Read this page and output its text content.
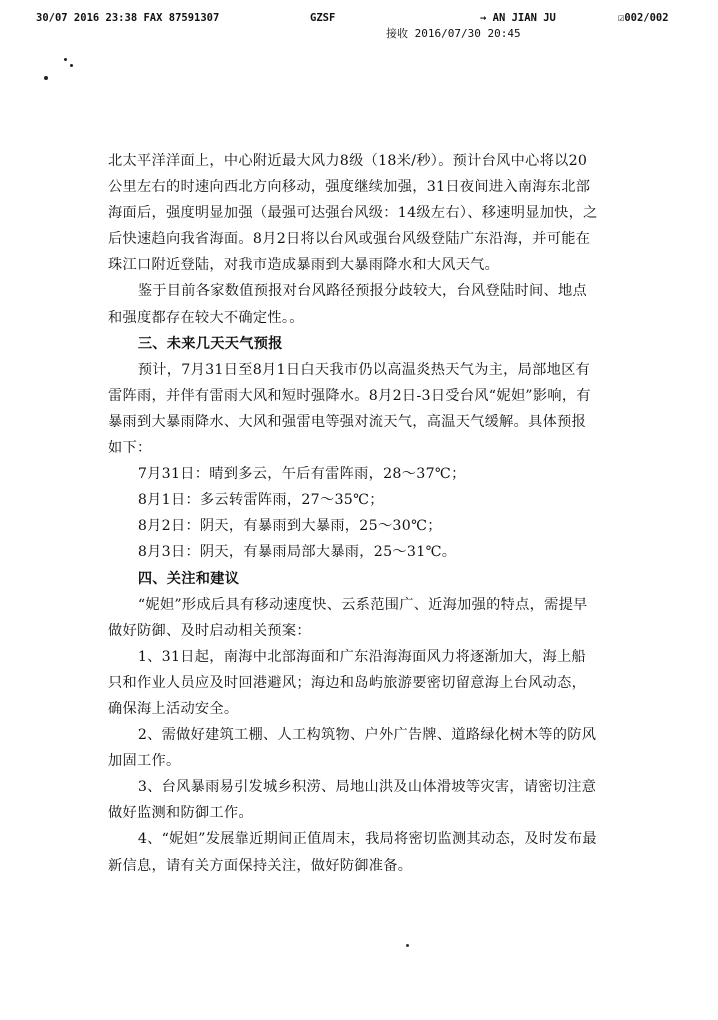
30/07 2016 23:38 FAX 87591307	GZSF	→ AN JIAN JU	☑002/002
接收 2016/07/30 20:45

北太平洋洋面上，中心附近最大风力8级（18米/秒）。预计台风中心将以20公里左右的时速向西北方向移动，强度继续加强，31日夜间进入南海东北部海面后，强度明显加强（最强可达强台风级：14级左右）、移速明显加快，之后快速趋向我省海面。8月2日将以台风或强台风级登陆广东沿海，并可能在珠江口附近登陆，对我市造成暴雨到大暴雨降水和大风天气。

鉴于目前各家数值预报对台风路径预报分歧较大，台风登陆时间、地点和强度都存在较大不确定性。。

三、未来几天天气预报

预计，7月31日至8月1日白天我市仍以高温炎热天气为主，局部地区有雷阵雨，并伴有雷雨大风和短时强降水。8月2日-3日受台风“妮妲”影响，有暴雨到大暴雨降水、大风和强雷电等强对流天气，高温天气缓解。具体预报如下：

7月31日：晴到多云，午后有雷阵雨，28～37℃；

8月1日：多云转雷阵雨，27～35℃；

8月2日：阴天，有暴雨到大暴雨，25～30℃；

8月3日：阴天，有暴雨局部大暴雨，25～31℃。

四、关注和建议

“妮妲”形成后具有移动速度快、云系范围广、近海加强的特点，需提早做好防御、及时启动相关预案：

1、31日起，南海中北部海面和广东沿海海面风力将逐渐加大，海上船只和作业人员应及时回港避风；海边和岛屿旅游要密切留意海上台风动态，确保海上活动安全。

2、需做好建筑工棚、人工构筑物、户外广告牌、道路绿化树木等的防风加固工作。

3、台风暴雨易引发城乡积涝、局地山洪及山体滑坡等灾害，请密切注意做好监测和防御工作。

4、“妮妲”发展靠近期间正值周末，我局将密切监测其动态，及时发布最新信息，请有关方面保持关注，做好防御准备。
